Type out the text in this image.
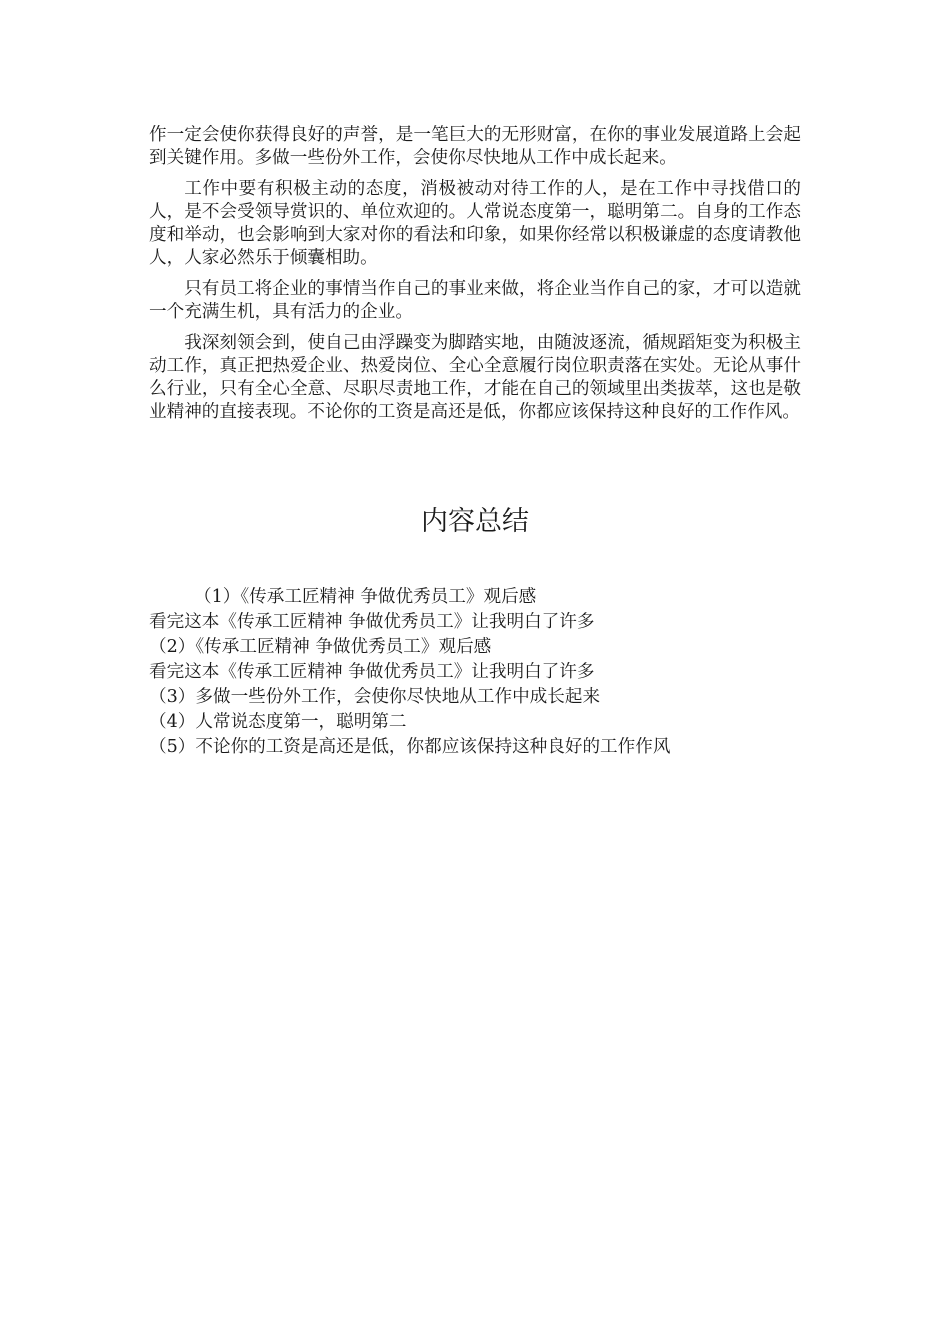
作一定会使你获得良好的声誉，是一笔巨大的无形财富，在你的事业发展道路上会起到关键作用。多做一些份外工作，会使你尽快地从工作中成长起来。

工作中要有积极主动的态度，消极被动对待工作的人，是在工作中寻找借口的人，是不会受领导赏识的、单位欢迎的。人常说态度第一，聪明第二。自身的工作态度和举动，也会影响到大家对你的看法和印象，如果你经常以积极谦虚的态度请教他人，人家必然乐于倾囊相助。

只有员工将企业的事情当作自己的事业来做，将企业当作自己的家，才可以造就一个充满生机，具有活力的企业。

我深刻领会到，使自己由浮躁变为脚踏实地，由随波逐流，循规蹈矩变为积极主动工作，真正把热爱企业、热爱岗位、全心全意履行岗位职责落在实处。无论从事什么行业，只有全心全意、尽职尽责地工作，才能在自己的领域里出类拔萃，这也是敬业精神的直接表现。不论你的工资是高还是低，你都应该保持这种良好的工作作风。

内容总结
（1）《传承工匠精神 争做优秀员工》观后感
看完这本《传承工匠精神 争做优秀员工》让我明白了许多
（2）《传承工匠精神 争做优秀员工》观后感
看完这本《传承工匠精神 争做优秀员工》让我明白了许多
（3）多做一些份外工作，会使你尽快地从工作中成长起来
（4）人常说态度第一，聪明第二
（5）不论你的工资是高还是低，你都应该保持这种良好的工作作风
